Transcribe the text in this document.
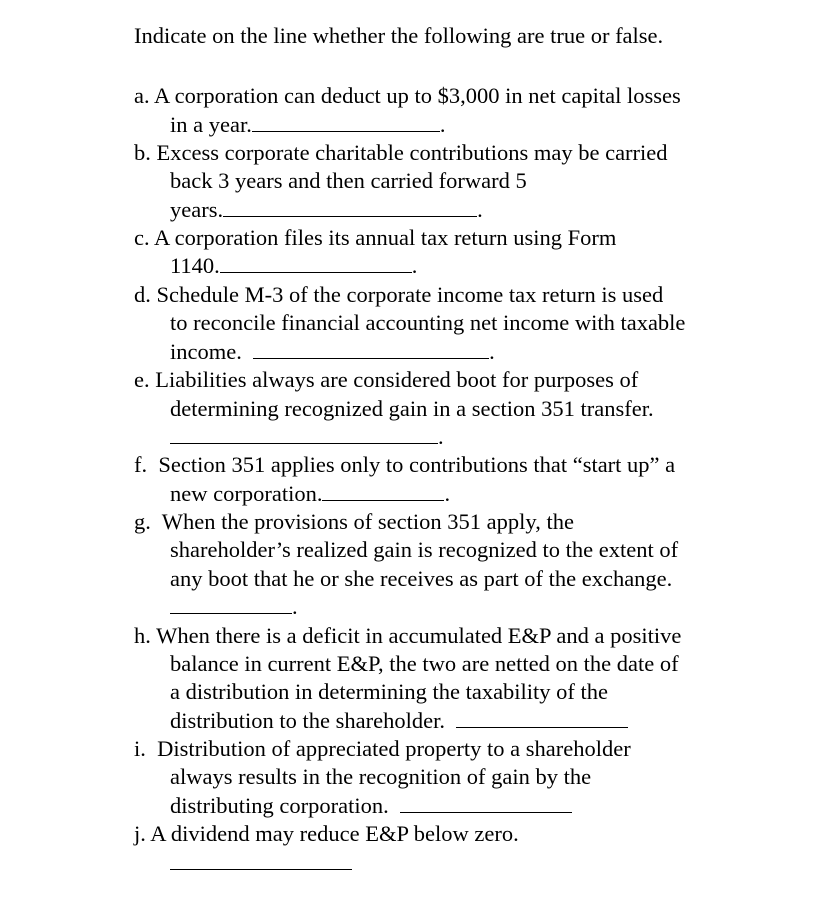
Indicate on the line whether the following are true or false.
a. A corporation can deduct up to $3,000 in net capital losses
in a year.	.
b. Excess corporate charitable contributions may be carried
back 3 years and then carried forward 5
years.	.
c. A corporation files its annual tax return using Form
1140.	.
d. Schedule M-3 of the corporate income tax return is used
to reconcile financial accounting net income with taxable
income.	.
e. Liabilities always are considered boot for purposes of
determining recognized gain in a section 351 transfer.
.
f. Section 351 applies only to contributions that “start up” a
new corporation.	.
g. When the provisions of section 351 apply, the
shareholder’s realized gain is recognized to the extent of
any boot that he or she receives as part of the exchange.
.
h. When there is a deficit in accumulated E&P and a positive
balance in current E&P, the two are netted on the date of
a distribution in determining the taxability of the
distribution to the shareholder.
i. Distribution of appreciated property to a shareholder
always results in the recognition of gain by the
distributing corporation.
j. A dividend may reduce E&P below zero.
